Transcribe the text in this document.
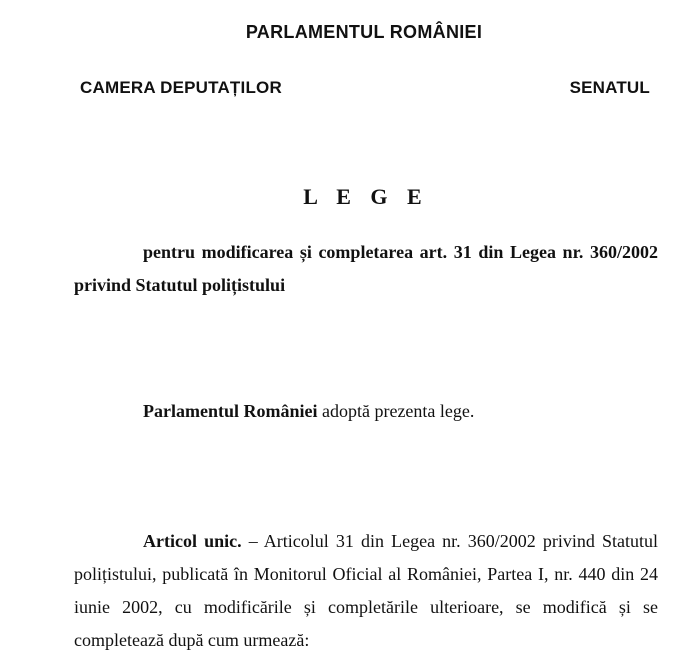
PARLAMENTUL ROMÂNIEI
CAMERA DEPUTAȚILOR	SENATUL
L E G E
pentru modificarea și completarea art. 31 din Legea nr. 360/2002 privind Statutul polițistului
Parlamentul României adoptă prezenta lege.
Articol unic. – Articolul 31 din Legea nr. 360/2002 privind Statutul polițistului, publicată în Monitorul Oficial al României, Partea I, nr. 440 din 24 iunie 2002, cu modificările și completările ulterioare, se modifică și se completează după cum urmează:
